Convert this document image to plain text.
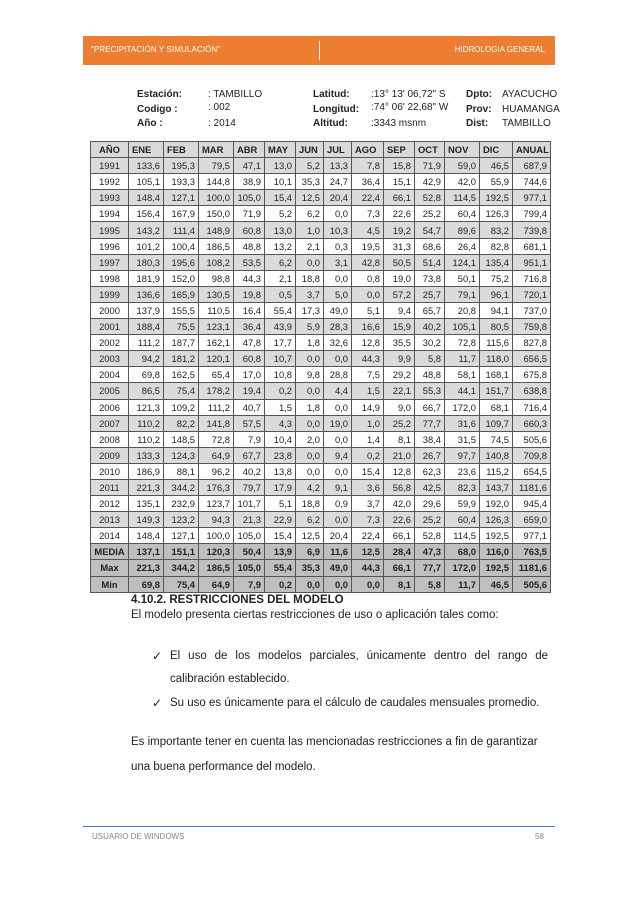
“PRECIPITACIÓN Y SIMULACIÓN”	HIDROLOGIA GENERAL
Estación:	: TAMBILLO
Codigo :	: 002
Año :	: 2014
Latitud: :13° 13' 06,72" S
Longitud: :74° 06' 22,68" W
Altitud: :3343 msnm
Dpto: AYACUCHO
Prov: HUAMANGA
Dist: TAMBILLO
AÑO	ENE	FEB	MAR	ABR	MAY	JUN	JUL	AGO	SEP	OCT	NOV	DIC	ANUAL
1991	133,6	195,3	79,5	47,1	13,0	5,2	13,3	7,8	15,8	71,9	59,0	46,5	687,9
1992	105,1	193,3	144,8	38,9	10,1	35,3	24,7	36,4	15,1	42,9	42,0	55,9	744,6
1993	148,4	127,1	100,0	105,0	15,4	12,5	20,4	22,4	66,1	52,8	114,5	192,5	977,1
1994	156,4	167,9	150,0	71,9	5,2	6,2	0,0	7,3	22,6	25,2	60,4	126,3	799,4
1995	143,2	111,4	148,9	60,8	13,0	1,0	10,3	4,5	19,2	54,7	89,6	83,2	739,8
1996	101,2	100,4	186,5	48,8	13,2	2,1	0,3	19,5	31,3	68,6	26,4	82,8	681,1
1997	180,3	195,6	108,2	53,5	6,2	0,0	3,1	42,8	50,5	51,4	124,1	135,4	951,1
1998	181,9	152,0	98,8	44,3	2,1	18,8	0,0	0,8	19,0	73,8	50,1	75,2	716,8
1999	136,6	165,9	130,5	19,8	0,5	3,7	5,0	0,0	57,2	25,7	79,1	96,1	720,1
2000	137,9	155,5	110,5	16,4	55,4	17,3	49,0	5,1	9,4	65,7	20,8	94,1	737,0
2001	188,4	75,5	123,1	36,4	43,9	5,9	28,3	16,6	15,9	40,2	105,1	80,5	759,8
2002	111,2	187,7	162,1	47,8	17,7	1,8	32,6	12,8	35,5	30,2	72,8	115,6	827,8
2003	94,2	181,2	120,1	60,8	10,7	0,0	0,0	44,3	9,9	5,8	11,7	118,0	656,5
2004	69,8	162,5	65,4	17,0	10,8	9,8	28,8	7,5	29,2	48,8	58,1	168,1	675,8
2005	86,5	75,4	178,2	19,4	0,2	0,0	4,4	1,5	22,1	55,3	44,1	151,7	638,8
2006	121,3	109,2	111,2	40,7	1,5	1,8	0,0	14,9	9,0	66,7	172,0	68,1	716,4
2007	110,2	82,2	141,8	57,5	4,3	0,0	19,0	1,0	25,2	77,7	31,6	109,7	660,3
2008	110,2	148,5	72,8	7,9	10,4	2,0	0,0	1,4	8,1	38,4	31,5	74,5	505,6
2009	133,3	124,3	64,9	67,7	23,8	0,0	9,4	0,2	21,0	26,7	97,7	140,8	709,8
2010	186,9	88,1	96,2	40,2	13,8	0,0	0,0	15,4	12,8	62,3	23,6	115,2	654,5
2011	221,3	344,2	176,3	79,7	17,9	4,2	9,1	3,6	56,8	42,5	82,3	143,7	1181,6
2012	135,1	232,9	123,7	101,7	5,1	18,8	0,9	3,7	42,0	29,6	59,9	192,0	945,4
2013	149,3	123,2	94,3	21,3	22,9	6,2	0,0	7,3	22,6	25,2	60,4	126,3	659,0
2014	148,4	127,1	100,0	105,0	15,4	12,5	20,4	22,4	66,1	52,8	114,5	192,5	977,1
MEDIA	137,1	151,1	120,3	50,4	13,9	6,9	11,6	12,5	28,4	47,3	68,0	116,0	763,5
Max	221,3	344,2	186,5	105,0	55,4	35,3	49,0	44,3	66,1	77,7	172,0	192,5	1181,6
Min	69,8	75,4	64,9	7,9	0,2	0,0	0,0	0,0	8,1	5,8	11,7	46,5	505,6
4.10.2. RESTRICCIONES DEL MODELO
El modelo presenta ciertas restricciones de uso o aplicación tales como:
✓ El uso de los modelos parciales, únicamente dentro del rango de
calibración establecido.
✓ Su uso es únicamente para el cálculo de caudales mensuales promedio.
Es importante tener en cuenta las mencionadas restricciones a fin de garantizar
una buena performance del modelo.
USUARIO DE WINDOWS	58
